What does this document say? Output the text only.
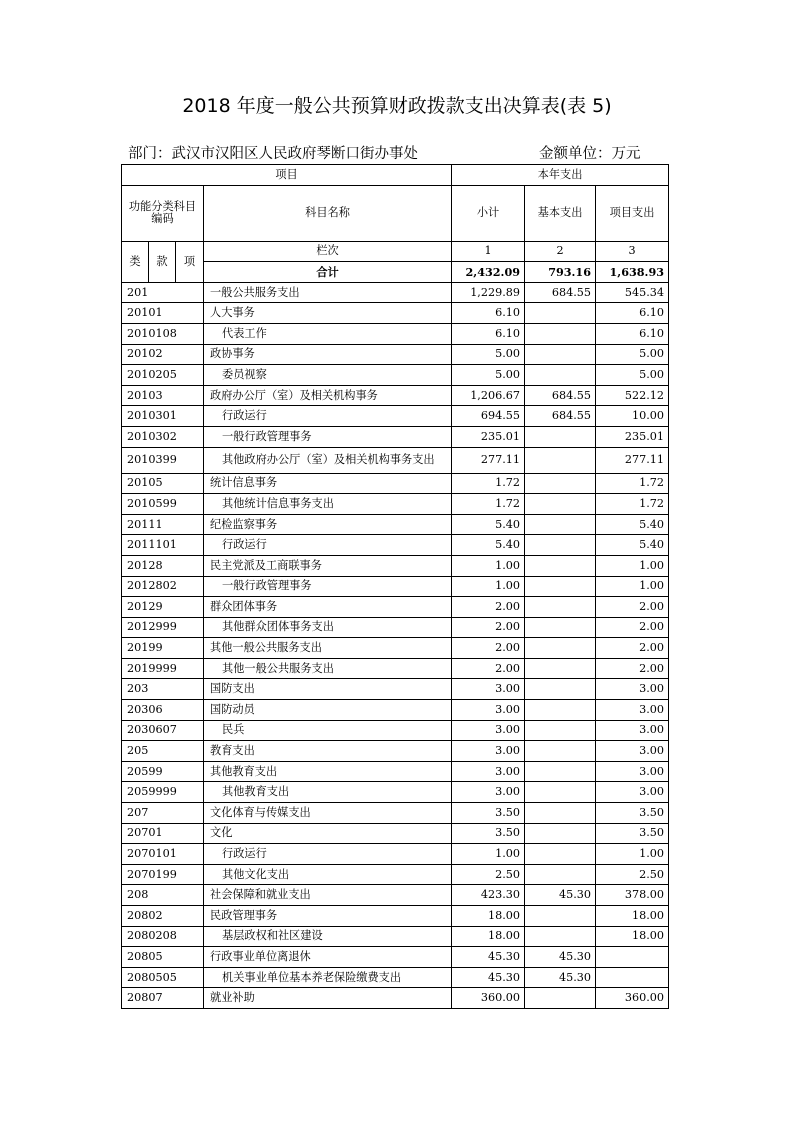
2018 年度一般公共预算财政拨款支出决算表(表 5)
部门：武汉市汉阳区人民政府琴断口街办事处	金额单位：万元
项目				本年支出		
功能分类科目编码			科目名称	小计	基本支出	项目支出
类	款	项	栏次	1	2	3
			合计	2,432.09	793.16	1,638.93
201			一般公共服务支出	1,229.89	684.55	545.34
20101			人大事务	6.10		6.10
2010108			代表工作	6.10		6.10
20102			政协事务	5.00		5.00
2010205			委员视察	5.00		5.00
20103			政府办公厅（室）及相关机构事务	1,206.67	684.55	522.12
2010301			行政运行	694.55	684.55	10.00
2010302			一般行政管理事务	235.01		235.01
2010399			其他政府办公厅（室）及相关机构事务支出	277.11		277.11
20105			统计信息事务	1.72		1.72
2010599			其他统计信息事务支出	1.72		1.72
20111			纪检监察事务	5.40		5.40
2011101			行政运行	5.40		5.40
20128			民主党派及工商联事务	1.00		1.00
2012802			一般行政管理事务	1.00		1.00
20129			群众团体事务	2.00		2.00
2012999			其他群众团体事务支出	2.00		2.00
20199			其他一般公共服务支出	2.00		2.00
2019999			其他一般公共服务支出	2.00		2.00
203			国防支出	3.00		3.00
20306			国防动员	3.00		3.00
2030607			民兵	3.00		3.00
205			教育支出	3.00		3.00
20599			其他教育支出	3.00		3.00
2059999			其他教育支出	3.00		3.00
207			文化体育与传媒支出	3.50		3.50
20701			文化	3.50		3.50
2070101			行政运行	1.00		1.00
2070199			其他文化支出	2.50		2.50
208			社会保障和就业支出	423.30	45.30	378.00
20802			民政管理事务	18.00		18.00
2080208			基层政权和社区建设	18.00		18.00
20805			行政事业单位离退休	45.30	45.30	
2080505			机关事业单位基本养老保险缴费支出	45.30	45.30	
20807			就业补助	360.00		360.00
